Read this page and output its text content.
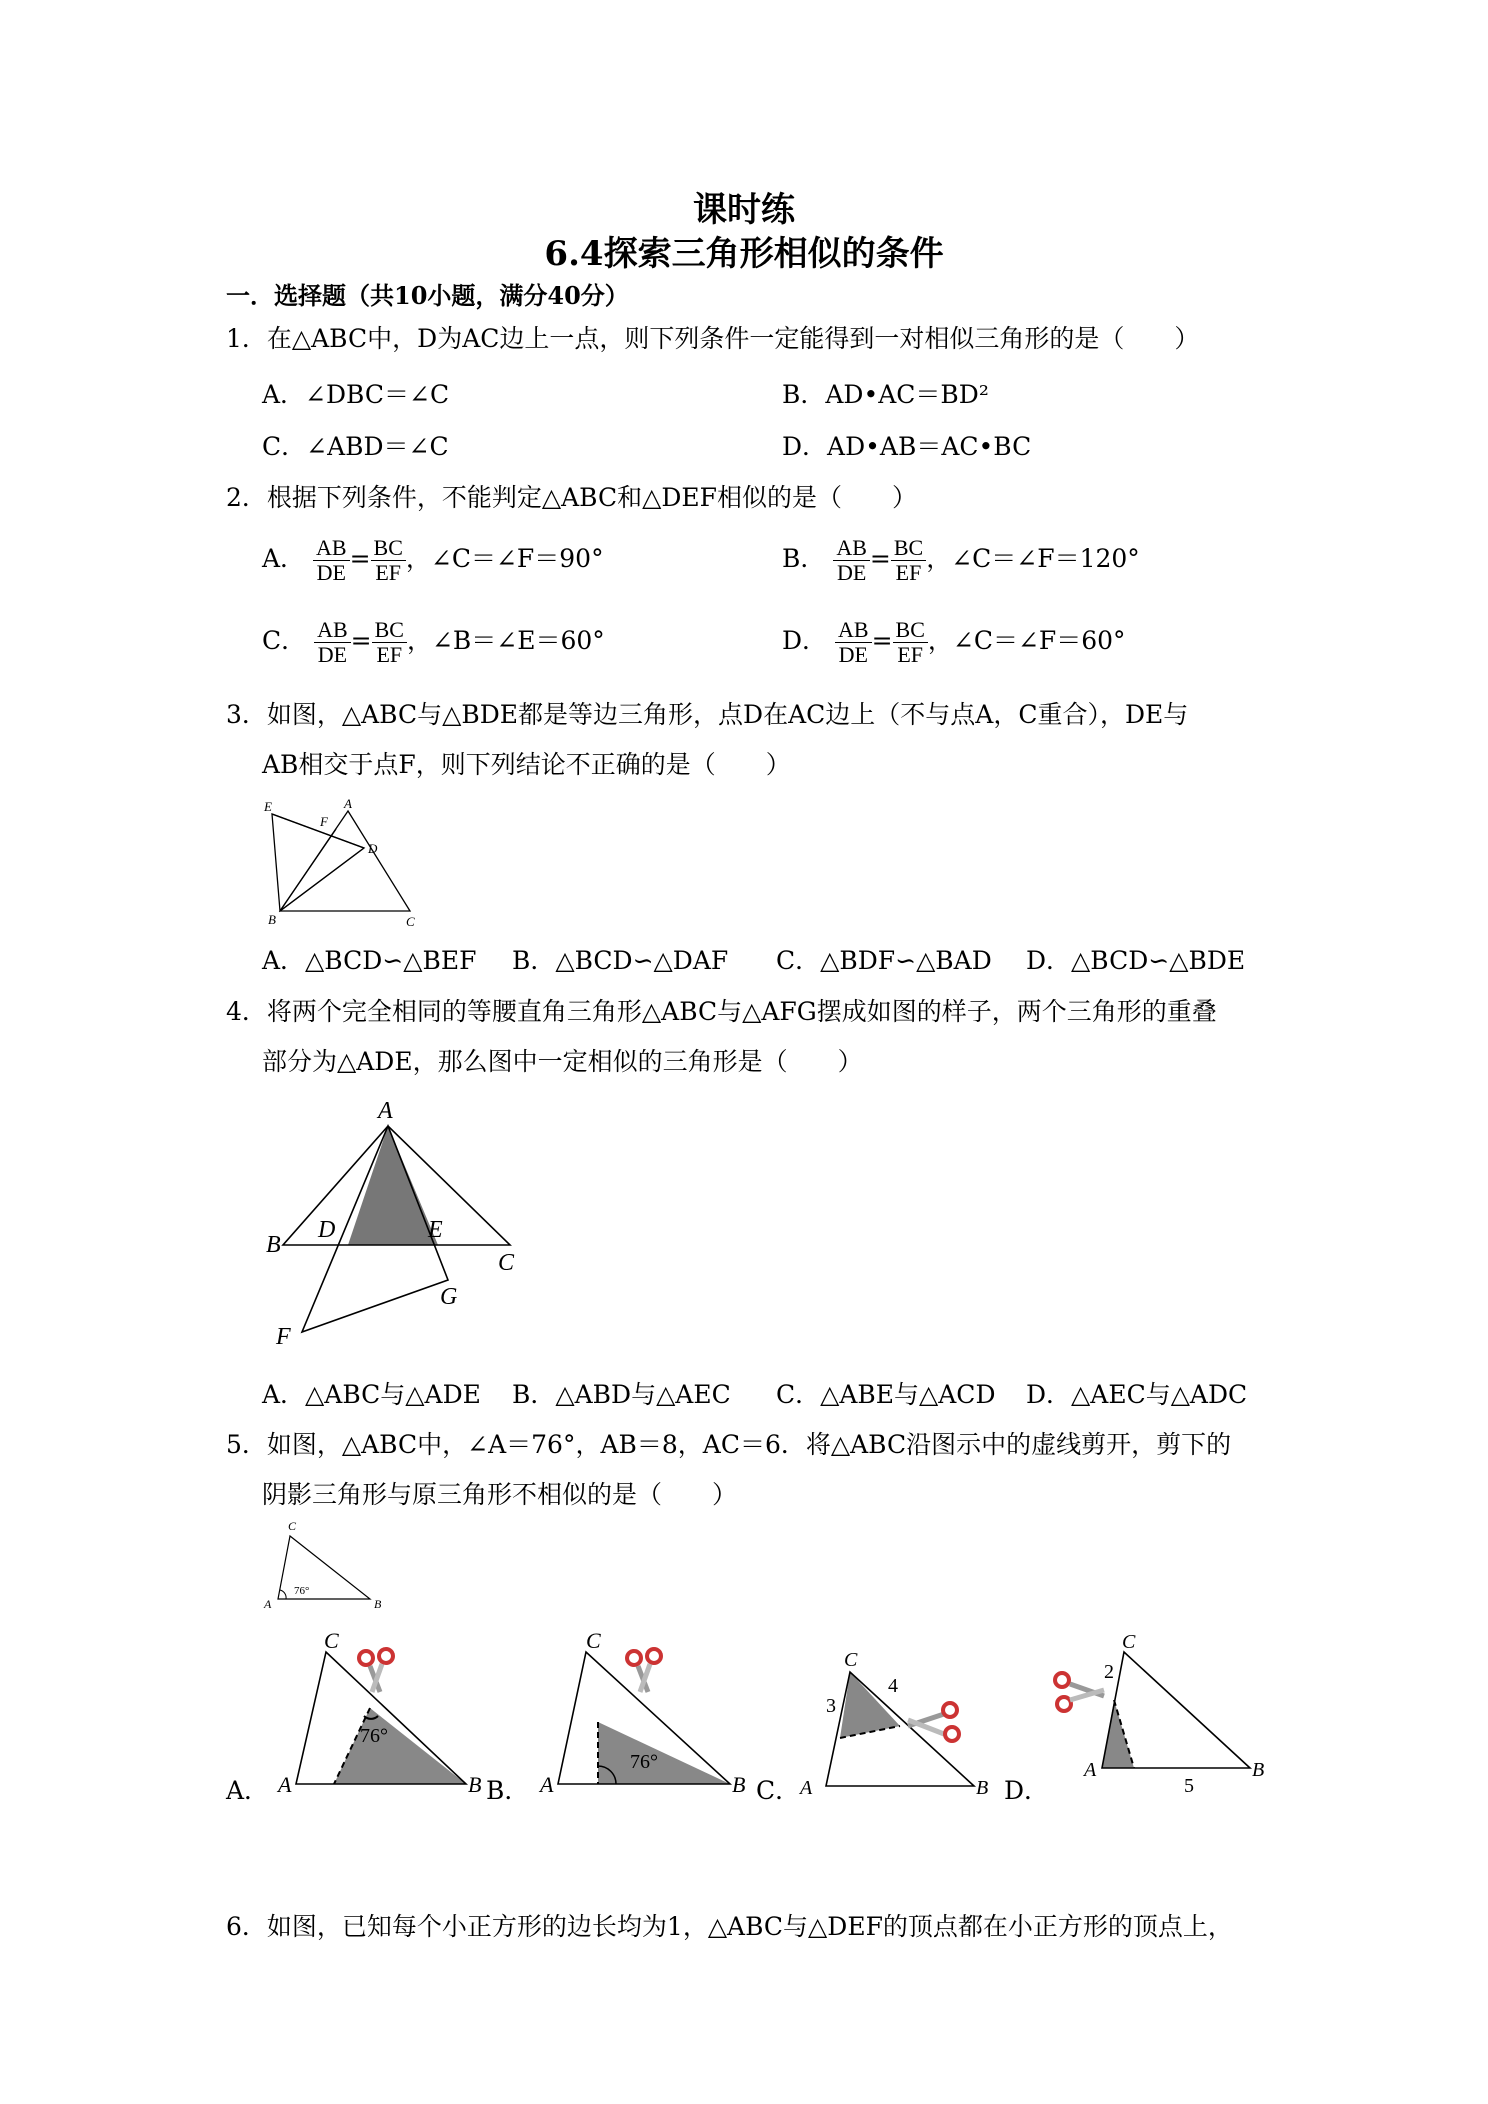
课时练
6.4探索三角形相似的条件
一．选择题（共10小题，满分40分）
1．在△ABC中，D为AC边上一点，则下列条件一定能得到一对相似三角形的是（　　）
A．∠DBC＝∠C	B．AD•AC＝BD²
C．∠ABD＝∠C	D．AD•AB＝AC•BC
2．根据下列条件，不能判定△ABC和△DEF相似的是（　　）
A． $\frac{AB}{DE} = \frac{BC}{EF}$ ，∠C＝∠F＝90°	B． $\frac{AB}{DE} = \frac{BC}{EF}$ ，∠C＝∠F＝120°
C． $\frac{AB}{DE} = \frac{BC}{EF}$ ，∠B＝∠E＝60°	D． $\frac{AB}{DE} = \frac{BC}{EF}$ ，∠C＝∠F＝60°
3．如图，△ABC与△BDE都是等边三角形，点D在AC边上（不与点A，C重合），DE与
AB相交于点F，则下列结论不正确的是（　　）
E
F
A
D
B	C
A．△BCD∽△BEF B．△BCD∽△DAF C．△BDF∽△BAD D．△BCD∽△BDE
4．将两个完全相同的等腰直角三角形△ABC与△AFG摆成如图的样子，两个三角形的重叠
部分为△ADE，那么图中一定相似的三角形是（　　）
A
B
D	E
C
G
F
A．△ABC与△ADE B．△ABD与△AEC C．△ABE与△ACD D．△AEC与△ADC
5．如图，△ABC中，∠A＝76°，AB＝8，AC＝6．将△ABC沿图示中的虚线剪开，剪下的
阴影三角形与原三角形不相似的是（　　）
C
A	B
76°
A．	B．	C．	D．
C
A	B
76°
C
A	B
76°
C
A	B
3
4
C
A	B
2
5
6．如图，已知每个小正方形的边长均为1，△ABC与△DEF的顶点都在小正方形的顶点上，
